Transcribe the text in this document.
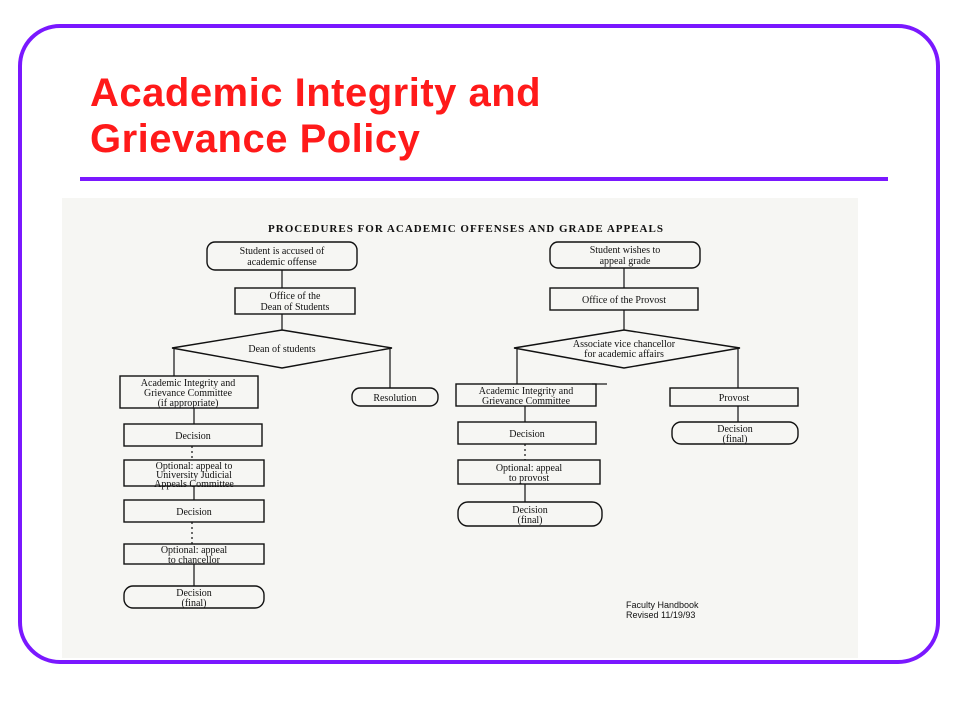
Academic Integrity and
Grievance Policy
PROCEDURES FOR ACADEMIC OFFENSES AND GRADE APPEALS
Student is accused of
academic offense
Office of the
Dean of Students
Dean of students
Academic Integrity and
Grievance Committee
(if appropriate)	Resolution
Decision
Optional: appeal to
University Judicial
Appeals Committee
Decision
Optional: appeal
to chancellor
Decision
(final)
Student wishes to
appeal grade
Office of the Provost
Associate vice chancellor
for academic affairs
Academic Integrity and
Grievance Committee	Provost
Decision	Decision
(final)
Optional: appeal
to provost
Decision
(final)
Faculty Handbook
Revised 11/19/93
